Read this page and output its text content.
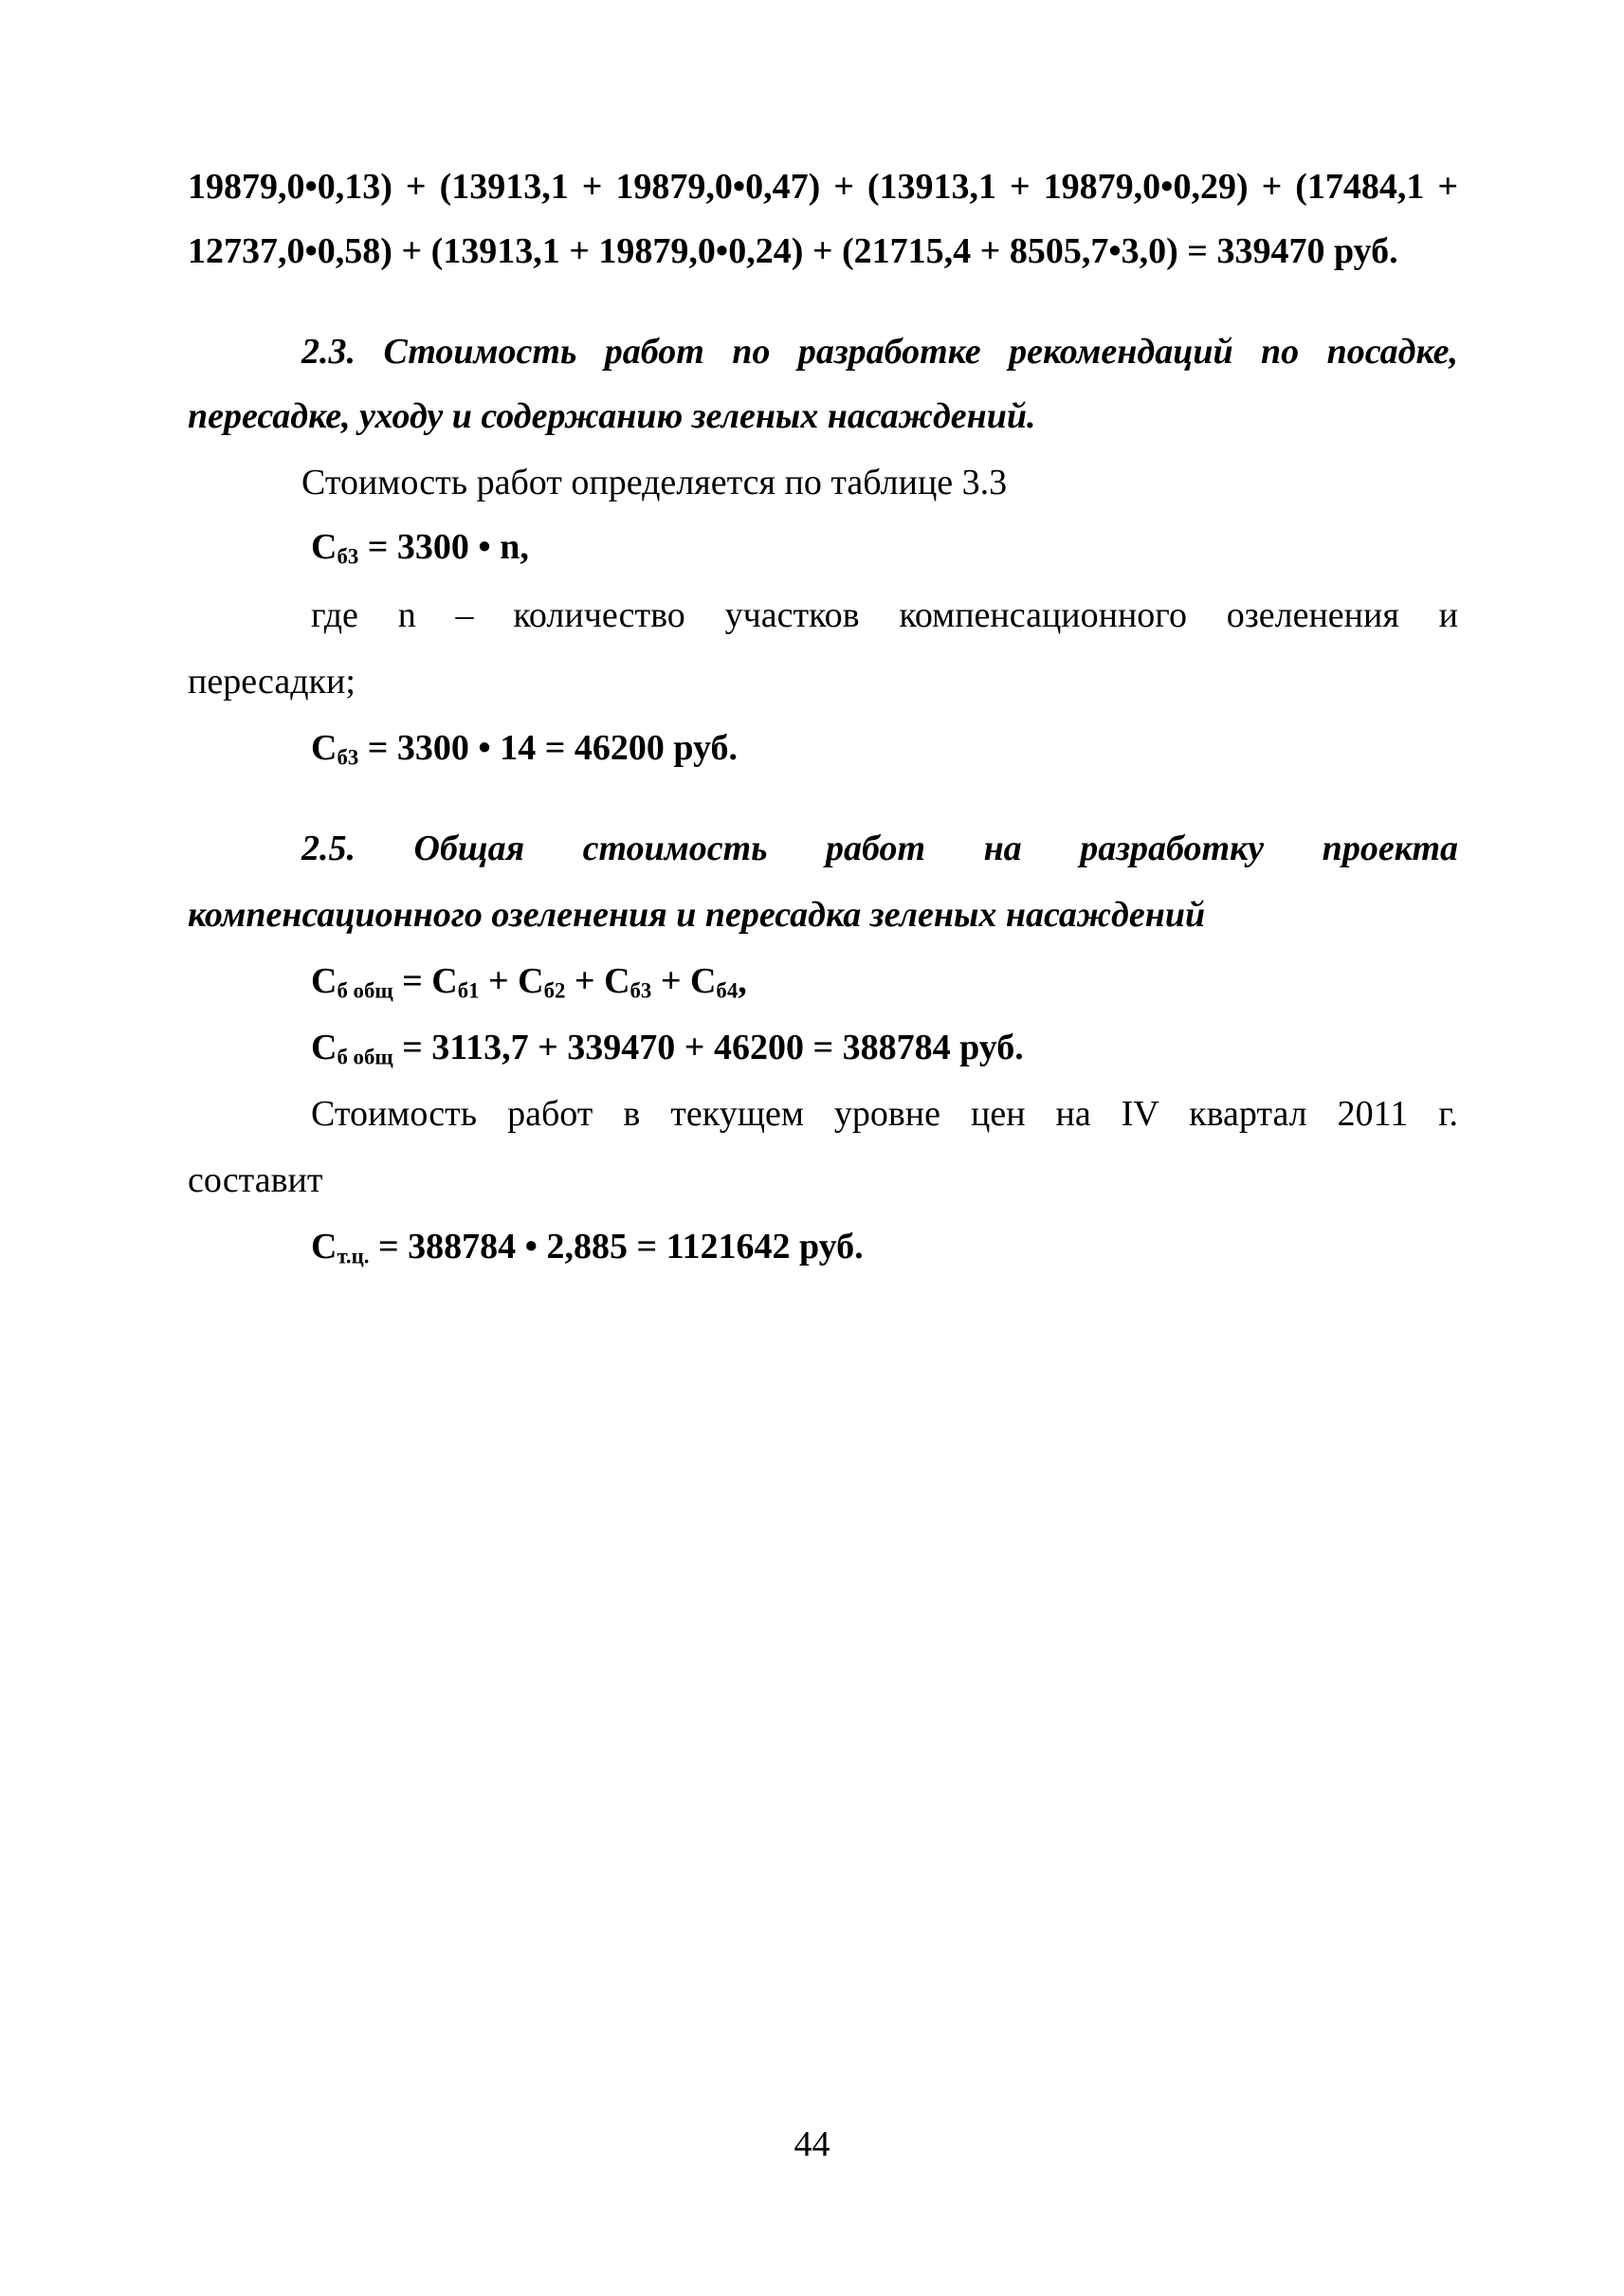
19879,0•0,13) + (13913,1 + 19879,0•0,47) + (13913,1 + 19879,0•0,29) + (17484,1 +
12737,0•0,58) + (13913,1 + 19879,0•0,24) + (21715,4 + 8505,7•3,0) = 339470 руб.
2.3. Стоимость работ по разработке рекомендаций по посадке,
пересадке, уходу и содержанию зеленых насаждений.
Стоимость работ определяется по таблице 3.3
$С_{б3} = 3300$ • n,
где n – количество участков компенсационного озеленения и
пересадки;
$С_{б3} = 3300$ • 14 = 46200 руб.
2.5. Общая стоимость работ на разработку проекта
компенсационного озеленения и пересадка зеленых насаждений
$С_{б общ} = С_{б1} + С_{б2} + С_{б3} + С_{б4}$,
$С_{б общ} = 3113,7 + 339470 + 46200 = 388784$ руб.
Стоимость работ в текущем уровне цен на IV квартал 2011 г.
составит
$С_{т.ц.} = 388784$ • 2,885 = 1121642 руб.
44
